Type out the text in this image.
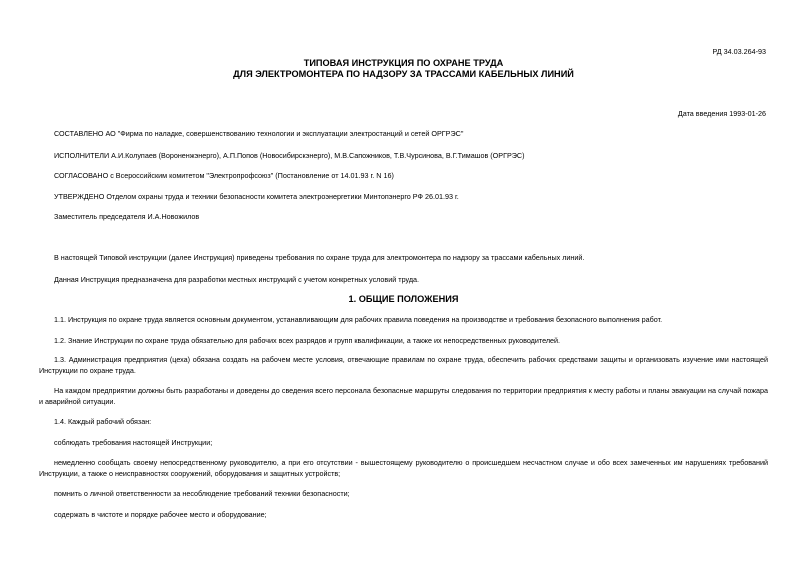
РД 34.03.264-93
ТИПОВАЯ ИНСТРУКЦИЯ ПО ОХРАНЕ ТРУДА
ДЛЯ ЭЛЕКТРОМОНТЕРА ПО НАДЗОРУ ЗА ТРАССАМИ КАБЕЛЬНЫХ ЛИНИЙ
Дата введения 1993-01-26
СОСТАВЛЕНО АО "Фирма по наладке, совершенствованию технологии и эксплуатации электростанций и сетей ОРГРЭС"
ИСПОЛНИТЕЛИ А.И.Колупаев (Вороненжэнерго), А.П.Попов (Новосибирскэнерго), М.В.Сапожников, Т.В.Чурсинова, В.Г.Тимашов (ОРГРЭС)
СОГЛАСОВАНО с Всероссийским комитетом "Электропрофсоюз" (Постановление от 14.01.93 г. N 16)
УТВЕРЖДЕНО Отделом охраны труда и техники безопасности комитета электроэнергетики Минтопэнерго РФ 26.01.93 г.
Заместитель председателя И.А.Новожилов
В настоящей Типовой инструкции (далее Инструкция) приведены требования по охране труда для электромонтера по надзору за трассами кабельных линий.
Данная Инструкция предназначена для разработки местных инструкций с учетом конкретных условий труда.
1. ОБЩИЕ ПОЛОЖЕНИЯ
1.1. Инструкция по охране труда является основным документом, устанавливающим для рабочих правила поведения на производстве и требования безопасного выполнения работ.
1.2. Знание Инструкции по охране труда обязательно для рабочих всех разрядов и групп квалификации, а также их непосредственных руководителей.
1.3. Администрация предприятия (цеха) обязана создать на рабочем месте условия, отвечающие правилам по охране труда, обеспечить рабочих средствами защиты и организовать изучение ими настоящей Инструкции по охране труда.
На каждом предприятии должны быть разработаны и доведены до сведения всего персонала безопасные маршруты следования по территории предприятия к месту работы и планы эвакуации на случай пожара и аварийной ситуации.
1.4. Каждый рабочий обязан:
соблюдать требования настоящей Инструкции;
немедленно сообщать своему непосредственному руководителю, а при его отсутствии - вышестоящему руководителю о происшедшем несчастном случае и обо всех замеченных им нарушениях требований Инструкции, а также о неисправностях сооружений, оборудования и защитных устройств;
помнить о личной ответственности за несоблюдение требований техники безопасности;
содержать в чистоте и порядке рабочее место и оборудование;
